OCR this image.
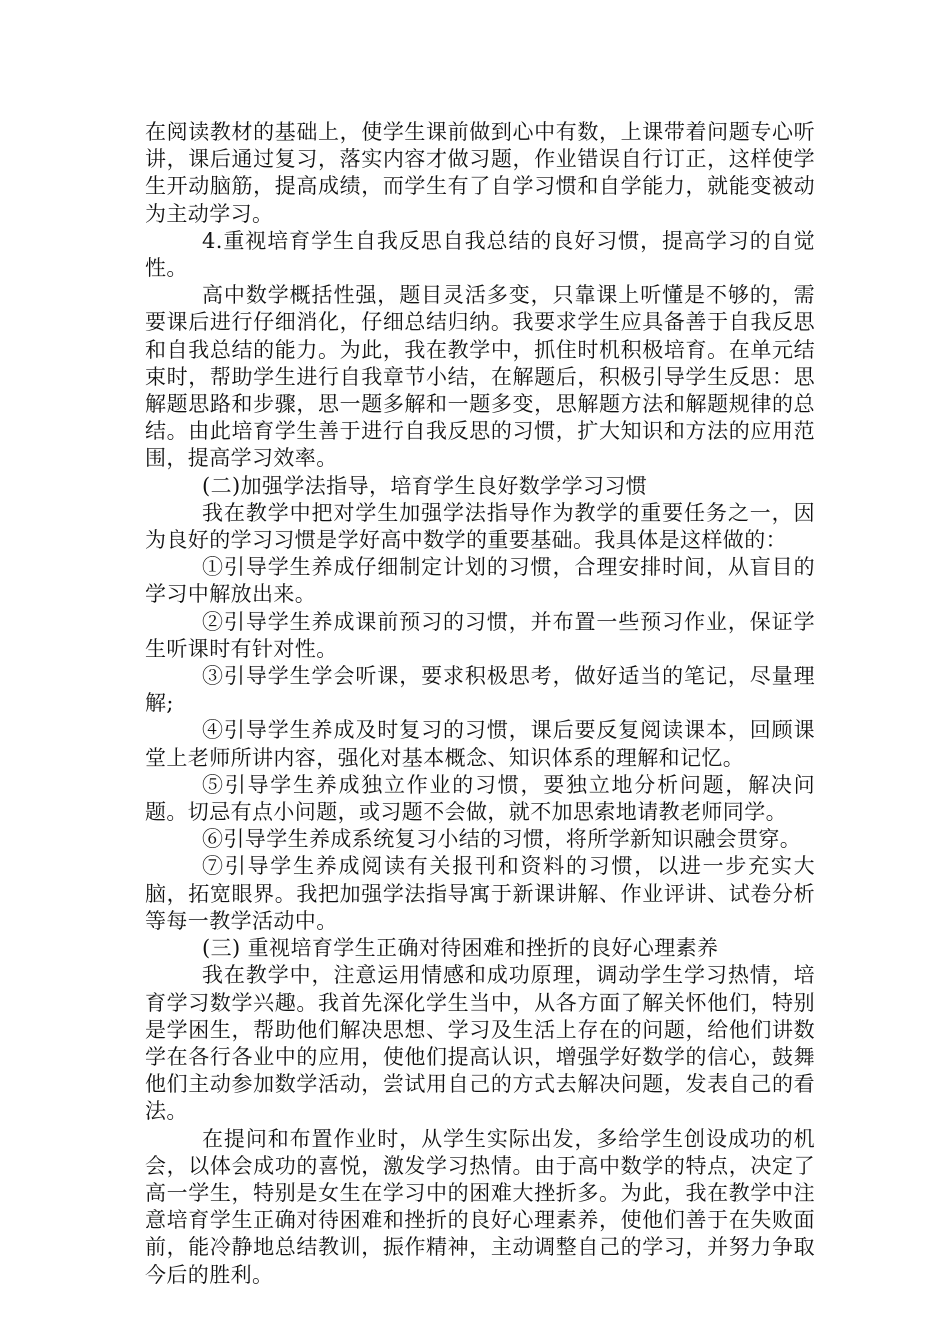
在阅读教材的基础上，使学生课前做到心中有数，上课带着问题专心听讲，课后通过复习，落实内容才做习题，作业错误自行订正，这样使学生开动脑筋，提高成绩，而学生有了自学习惯和自学能力，就能变被动为主动学习。

4.重视培育学生自我反思自我总结的良好习惯，提高学习的自觉性。

高中数学概括性强，题目灵活多变，只靠课上听懂是不够的，需要课后进行仔细消化，仔细总结归纳。我要求学生应具备善于自我反思和自我总结的能力。为此，我在教学中，抓住时机积极培育。在单元结束时，帮助学生进行自我章节小结，在解题后，积极引导学生反思：思解题思路和步骤，思一题多解和一题多变，思解题方法和解题规律的总结。由此培育学生善于进行自我反思的习惯，扩大知识和方法的应用范围，提高学习效率。

(二)加强学法指导，培育学生良好数学学习习惯

我在教学中把对学生加强学法指导作为教学的重要任务之一，因为良好的学习习惯是学好高中数学的重要基础。我具体是这样做的：

①引导学生养成仔细制定计划的习惯，合理安排时间，从盲目的学习中解放出来。

②引导学生养成课前预习的习惯，并布置一些预习作业，保证学生听课时有针对性。

③引导学生学会听课，要求积极思考，做好适当的笔记，尽量理解;

④引导学生养成及时复习的习惯，课后要反复阅读课本，回顾课堂上老师所讲内容，强化对基本概念、知识体系的理解和记忆。

⑤引导学生养成独立作业的习惯，要独立地分析问题，解决问题。切忌有点小问题，或习题不会做，就不加思索地请教老师同学。

⑥引导学生养成系统复习小结的习惯，将所学新知识融会贯穿。

⑦引导学生养成阅读有关报刊和资料的习惯，以进一步充实大脑，拓宽眼界。我把加强学法指导寓于新课讲解、作业评讲、试卷分析等每一教学活动中。

(三) 重视培育学生正确对待困难和挫折的良好心理素养

我在教学中，注意运用情感和成功原理，调动学生学习热情，培育学习数学兴趣。我首先深化学生当中，从各方面了解关怀他们，特别是学困生，帮助他们解决思想、学习及生活上存在的问题，给他们讲数学在各行各业中的应用，使他们提高认识，增强学好数学的信心，鼓舞他们主动参加数学活动，尝试用自己的方式去解决问题，发表自己的看法。

在提问和布置作业时，从学生实际出发，多给学生创设成功的机会，以体会成功的喜悦，激发学习热情。由于高中数学的特点，决定了高一学生，特别是女生在学习中的困难大挫折多。为此，我在教学中注意培育学生正确对待困难和挫折的良好心理素养，使他们善于在失败面前，能冷静地总结教训，振作精神，主动调整自己的学习，并努力争取今后的胜利。
